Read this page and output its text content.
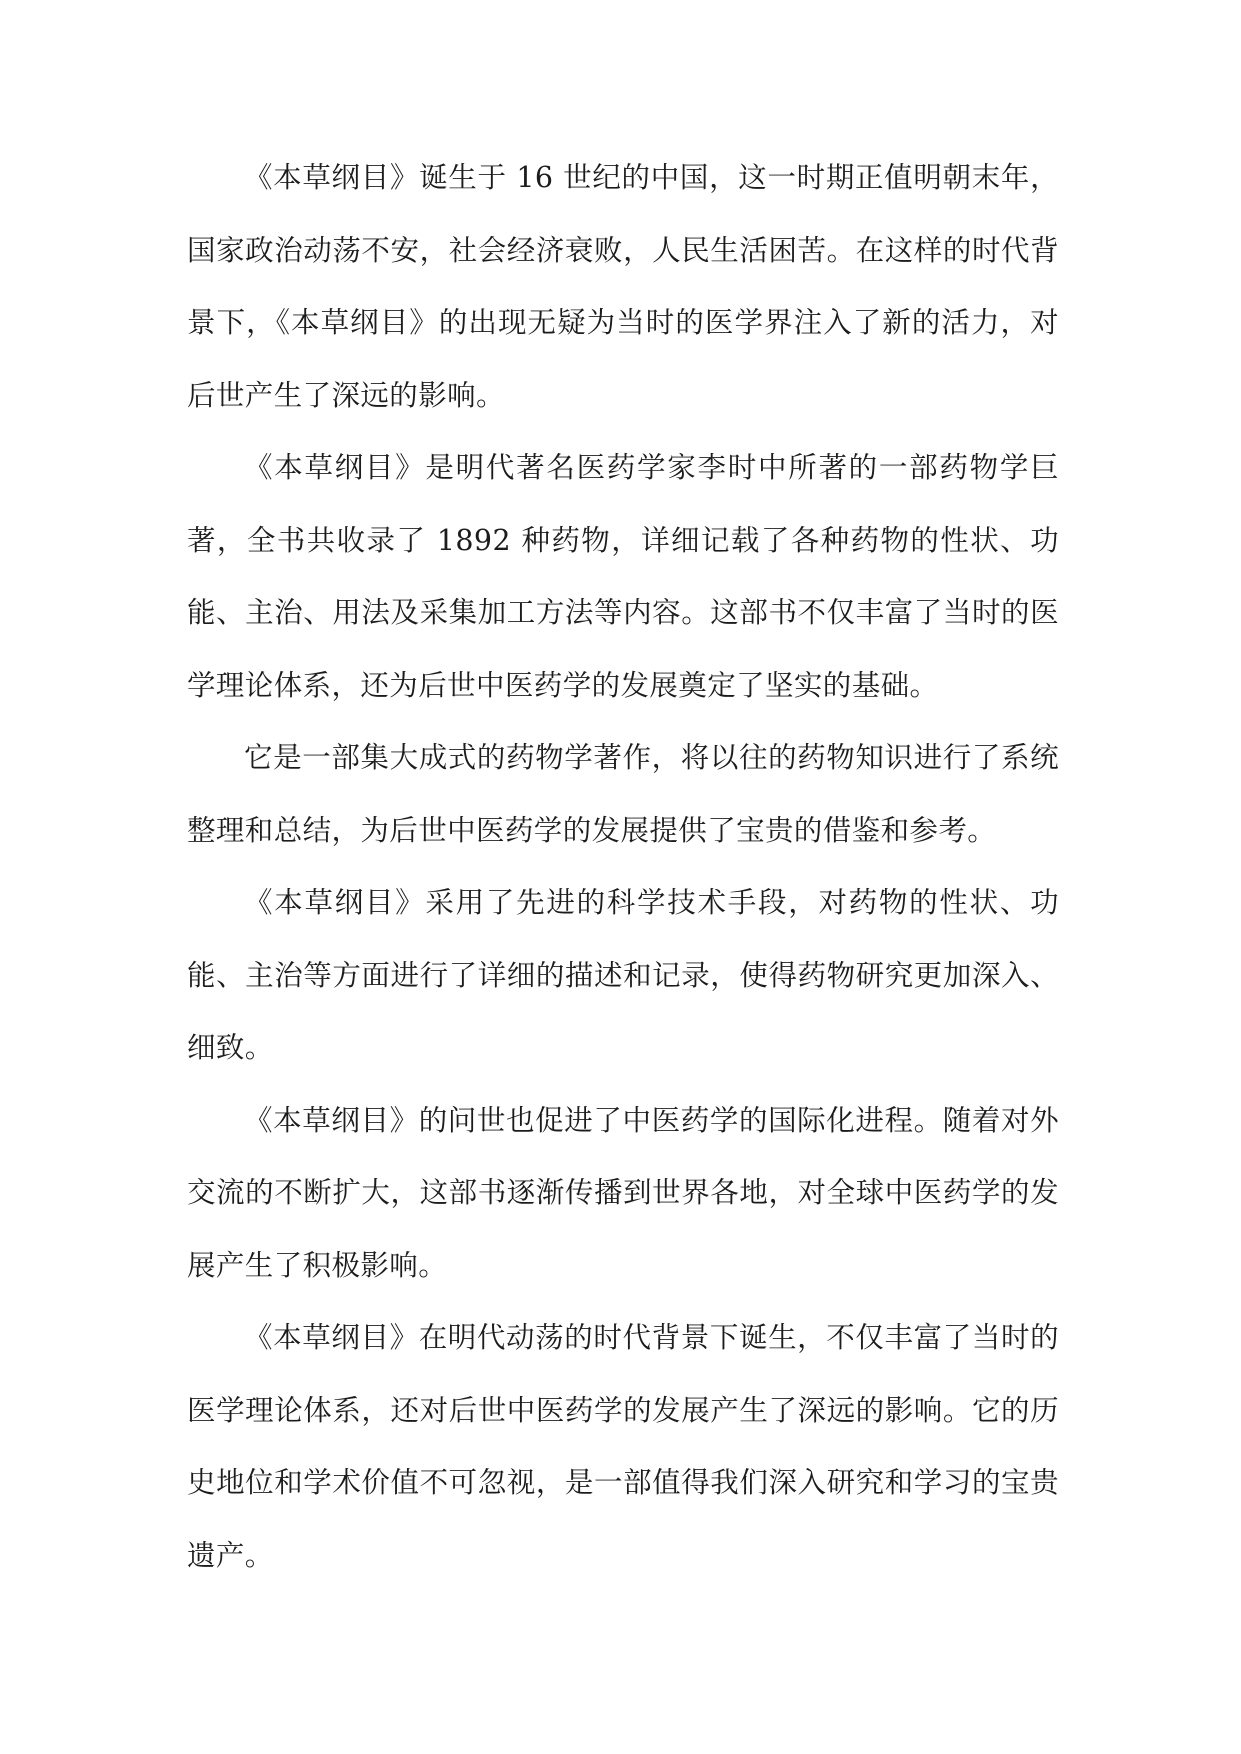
《本草纲目》诞生于 16 世纪的中国，这一时期正值明朝末年，国家政治动荡不安，社会经济衰败，人民生活困苦。在这样的时代背景下，《本草纲目》的出现无疑为当时的医学界注入了新的活力，对后世产生了深远的影响。

《本草纲目》是明代著名医药学家李时中所著的一部药物学巨著，全书共收录了 1892 种药物，详细记载了各种药物的性状、功能、主治、用法及采集加工方法等内容。这部书不仅丰富了当时的医学理论体系，还为后世中医药学的发展奠定了坚实的基础。

它是一部集大成式的药物学著作，将以往的药物知识进行了系统整理和总结，为后世中医药学的发展提供了宝贵的借鉴和参考。

《本草纲目》采用了先进的科学技术手段，对药物的性状、功能、主治等方面进行了详细的描述和记录，使得药物研究更加深入、细致。

《本草纲目》的问世也促进了中医药学的国际化进程。随着对外交流的不断扩大，这部书逐渐传播到世界各地，对全球中医药学的发展产生了积极影响。

《本草纲目》在明代动荡的时代背景下诞生，不仅丰富了当时的医学理论体系，还对后世中医药学的发展产生了深远的影响。它的历史地位和学术价值不可忽视，是一部值得我们深入研究和学习的宝贵遗产。
